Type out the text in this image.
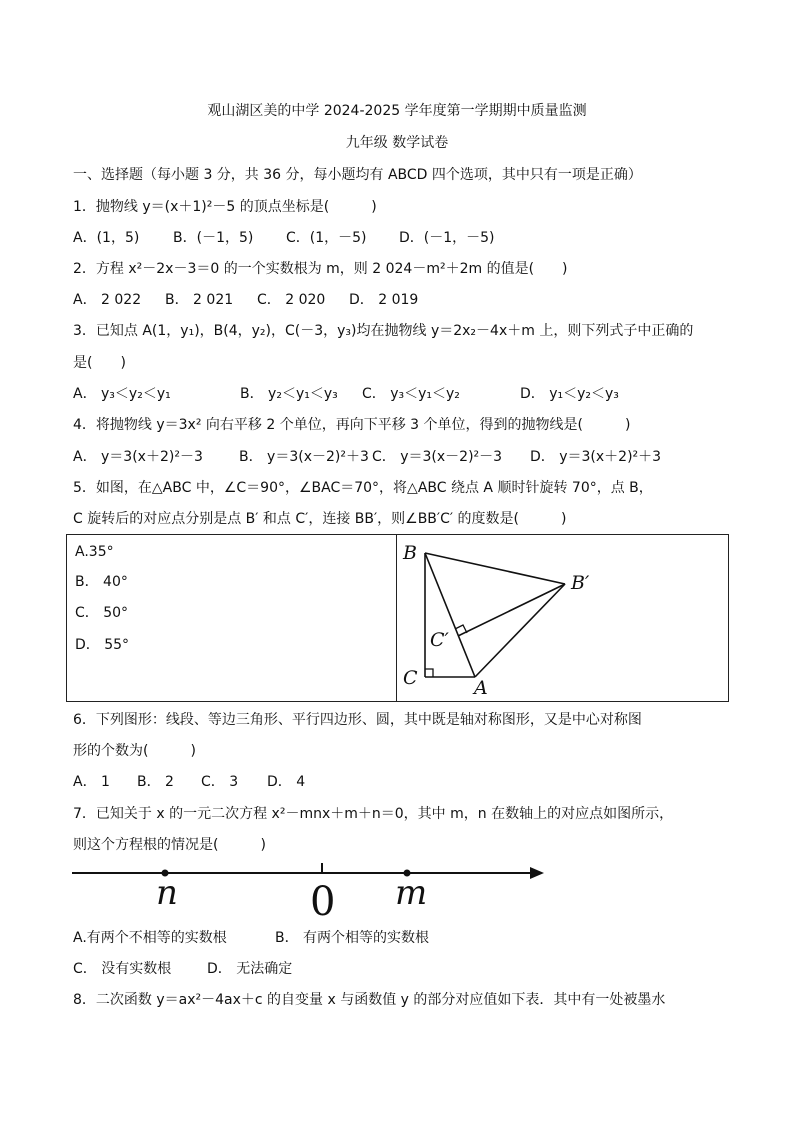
观山湖区美的中学 2024-2025 学年度第一学期期中质量监测
九年级 数学试卷
一、选择题（每小题 3 分，共 36 分，每小题均有 ABCD 四个选项，其中只有一项是正确）
1．抛物线 y＝(x＋1)²－5 的顶点坐标是(　　　)
A．(1，5) B．(－1，5) C．(1，－5) D．(－1，－5)
2．方程 x²－2x－3＝0 的一个实数根为 m，则 2 024－m²＋2m 的值是(　　)
A． 2 022 B． 2 021 C． 2 020 D． 2 019
3．已知点 A(1，y₁)，B(4，y₂)，C(－3，y₃)均在抛物线 y＝2x₂－4x＋m 上，则下列式子中正确的
是(　　)
A． y₃＜y₂＜y₁	B． y₂＜y₁＜y₃ C． y₃＜y₁＜y₂	D． y₁＜y₂＜y₃
4．将抛物线 y＝3x² 向右平移 2 个单位，再向下平移 3 个单位，得到的抛物线是(　　　)
A． y＝3(x＋2)²－3	B． y＝3(x－2)²＋3 C． y＝3(x－2)²－3 D． y＝3(x＋2)²＋3
5．如图，在△ABC 中，∠C＝90°，∠BAC＝70°，将△ABC 绕点 A 顺时针旋转 70°，点 B，
C 旋转后的对应点分别是点 B′ 和点 C′，连接 BB′，则∠BB′C′ 的度数是(　　　)
A.35°
B． 40°
C． 50°
D． 55°
B
B′
C′
C	A
6．下列图形：线段、等边三角形、平行四边形、圆，其中既是轴对称图形，又是中心对称图
形的个数为(　　　)
A． 1 B． 2 C． 3 D． 4
7．已知关于 x 的一元二次方程 x²－mnx＋m＋n＝0，其中 m，n 在数轴上的对应点如图所示，
则这个方程根的情况是(　　　)
n	0 m
A.有两个不相等的实数根	B． 有两个相等的实数根
C． 没有实数根	D． 无法确定
8．二次函数 y＝ax²－4ax＋c 的自变量 x 与函数值 y 的部分对应值如下表．其中有一处被墨水
